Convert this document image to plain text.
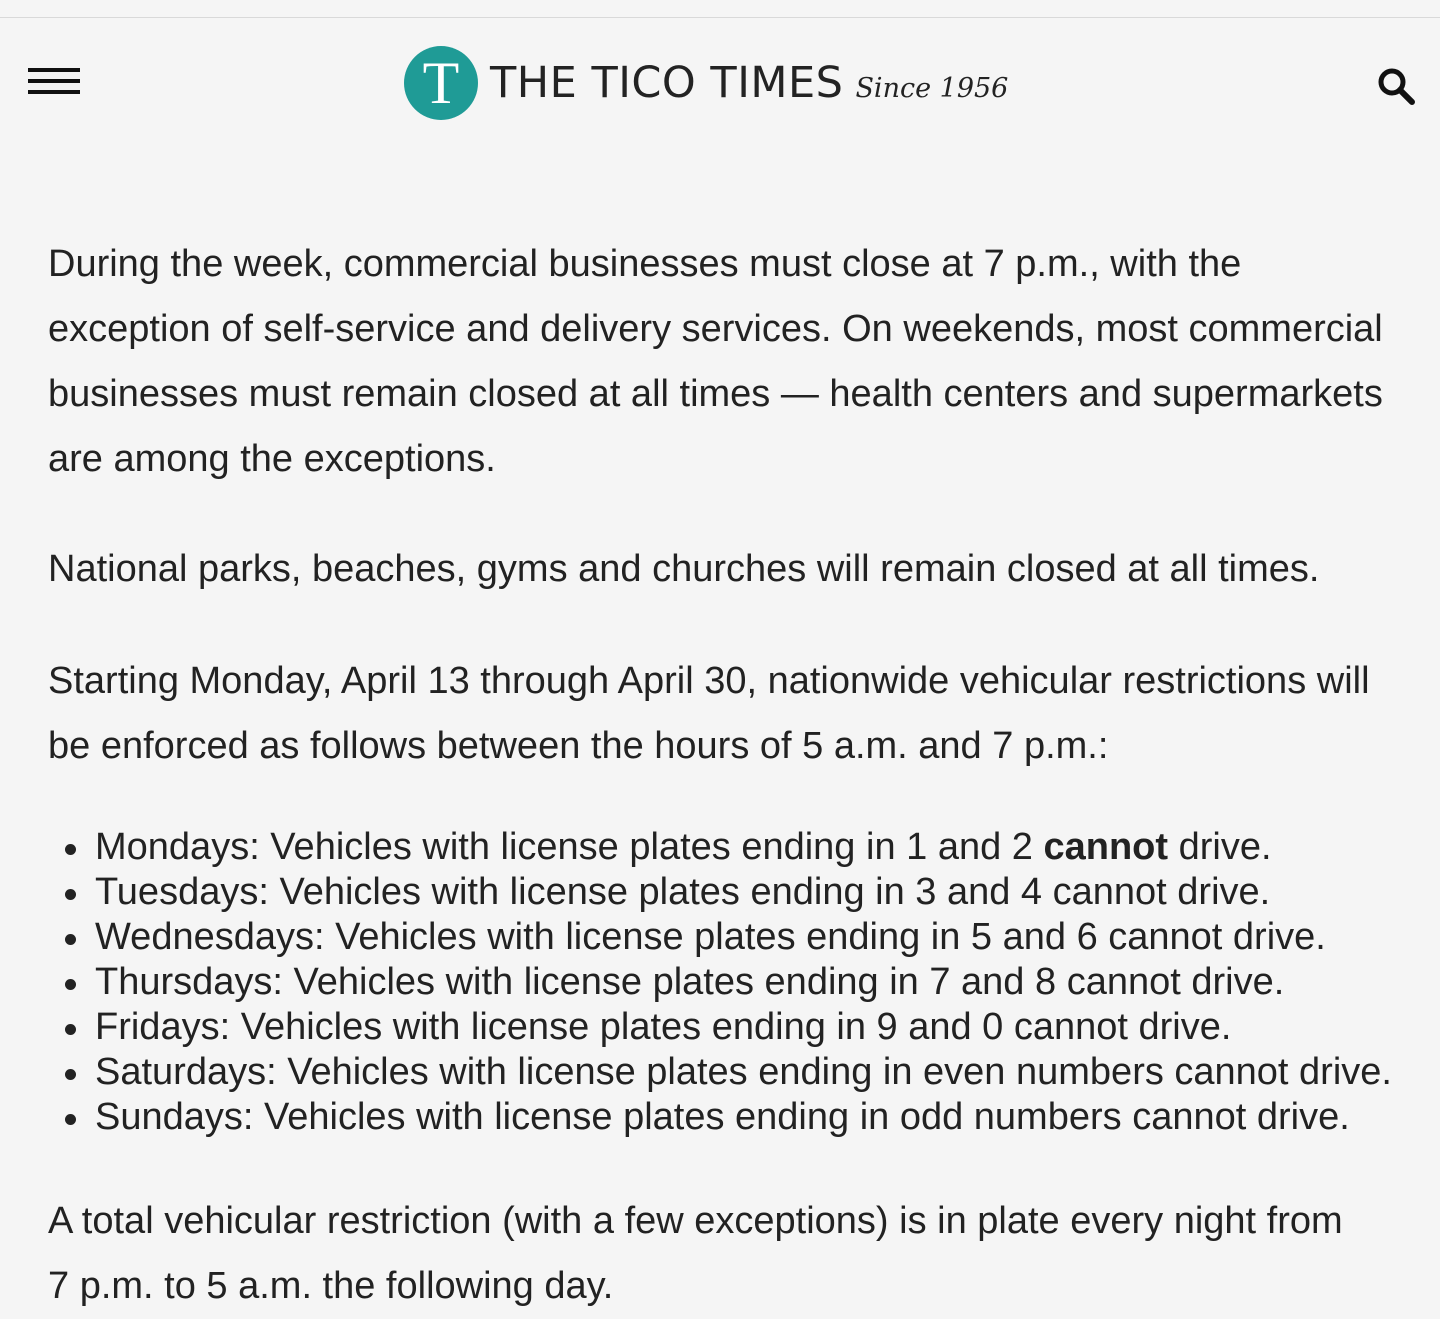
T THE TICO TIMES Since 1956

During the week, commercial businesses must close at 7 p.m., with the exception of self-service and delivery services. On weekends, most commercial businesses must remain closed at all times — health centers and supermarkets are among the exceptions.

National parks, beaches, gyms and churches will remain closed at all times.

Starting Monday, April 13 through April 30, nationwide vehicular restrictions will be enforced as follows between the hours of 5 a.m. and 7 p.m.:

Mondays: Vehicles with license plates ending in 1 and 2 cannot drive.
Tuesdays: Vehicles with license plates ending in 3 and 4 cannot drive.
Wednesdays: Vehicles with license plates ending in 5 and 6 cannot drive.
Thursdays: Vehicles with license plates ending in 7 and 8 cannot drive.
Fridays: Vehicles with license plates ending in 9 and 0 cannot drive.
Saturdays: Vehicles with license plates ending in even numbers cannot drive.
Sundays: Vehicles with license plates ending in odd numbers cannot drive.

A total vehicular restriction (with a few exceptions) is in plate every night from 7 p.m. to 5 a.m. the following day.
